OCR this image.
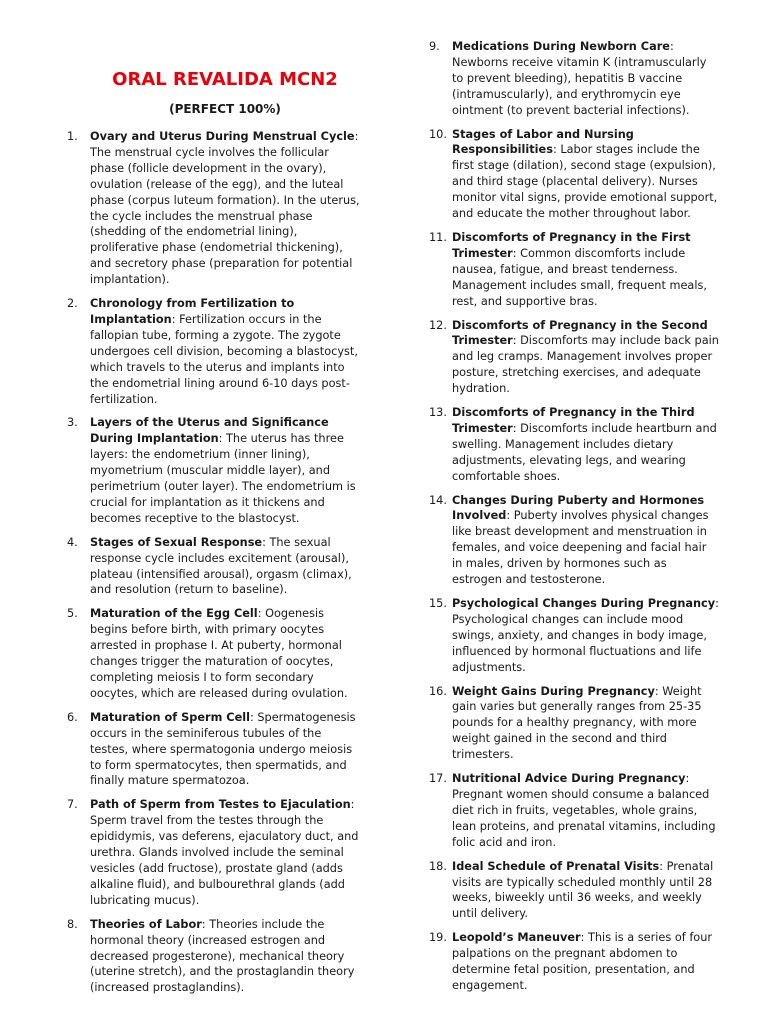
ORAL REVALIDA MCN2
(PERFECT 100%)
1. Ovary and Uterus During Menstrual Cycle: The menstrual cycle involves the follicular phase (follicle development in the ovary), ovulation (release of the egg), and the luteal phase (corpus luteum formation). In the uterus, the cycle includes the menstrual phase (shedding of the endometrial lining), proliferative phase (endometrial thickening), and secretory phase (preparation for potential implantation).
2. Chronology from Fertilization to Implantation: Fertilization occurs in the fallopian tube, forming a zygote. The zygote undergoes cell division, becoming a blastocyst, which travels to the uterus and implants into the endometrial lining around 6-10 days post-fertilization.
3. Layers of the Uterus and Significance During Implantation: The uterus has three layers: the endometrium (inner lining), myometrium (muscular middle layer), and perimetrium (outer layer). The endometrium is crucial for implantation as it thickens and becomes receptive to the blastocyst.
4. Stages of Sexual Response: The sexual response cycle includes excitement (arousal), plateau (intensified arousal), orgasm (climax), and resolution (return to baseline).
5. Maturation of the Egg Cell: Oogenesis begins before birth, with primary oocytes arrested in prophase I. At puberty, hormonal changes trigger the maturation of oocytes, completing meiosis I to form secondary oocytes, which are released during ovulation.
6. Maturation of Sperm Cell: Spermatogenesis occurs in the seminiferous tubules of the testes, where spermatogonia undergo meiosis to form spermatocytes, then spermatids, and finally mature spermatozoa.
7. Path of Sperm from Testes to Ejaculation: Sperm travel from the testes through the epididymis, vas deferens, ejaculatory duct, and urethra. Glands involved include the seminal vesicles (add fructose), prostate gland (adds alkaline fluid), and bulbourethral glands (add lubricating mucus).
8. Theories of Labor: Theories include the hormonal theory (increased estrogen and decreased progesterone), mechanical theory (uterine stretch), and the prostaglandin theory (increased prostaglandins).
9. Medications During Newborn Care: Newborns receive vitamin K (intramuscularly to prevent bleeding), hepatitis B vaccine (intramuscularly), and erythromycin eye ointment (to prevent bacterial infections).
10. Stages of Labor and Nursing Responsibilities: Labor stages include the first stage (dilation), second stage (expulsion), and third stage (placental delivery). Nurses monitor vital signs, provide emotional support, and educate the mother throughout labor.
11. Discomforts of Pregnancy in the First Trimester: Common discomforts include nausea, fatigue, and breast tenderness. Management includes small, frequent meals, rest, and supportive bras.
12. Discomforts of Pregnancy in the Second Trimester: Discomforts may include back pain and leg cramps. Management involves proper posture, stretching exercises, and adequate hydration.
13. Discomforts of Pregnancy in the Third Trimester: Discomforts include heartburn and swelling. Management includes dietary adjustments, elevating legs, and wearing comfortable shoes.
14. Changes During Puberty and Hormones Involved: Puberty involves physical changes like breast development and menstruation in females, and voice deepening and facial hair in males, driven by hormones such as estrogen and testosterone.
15. Psychological Changes During Pregnancy: Psychological changes can include mood swings, anxiety, and changes in body image, influenced by hormonal fluctuations and life adjustments.
16. Weight Gains During Pregnancy: Weight gain varies but generally ranges from 25-35 pounds for a healthy pregnancy, with more weight gained in the second and third trimesters.
17. Nutritional Advice During Pregnancy: Pregnant women should consume a balanced diet rich in fruits, vegetables, whole grains, lean proteins, and prenatal vitamins, including folic acid and iron.
18. Ideal Schedule of Prenatal Visits: Prenatal visits are typically scheduled monthly until 28 weeks, biweekly until 36 weeks, and weekly until delivery.
19. Leopold’s Maneuver: This is a series of four palpations on the pregnant abdomen to determine fetal position, presentation, and engagement.
